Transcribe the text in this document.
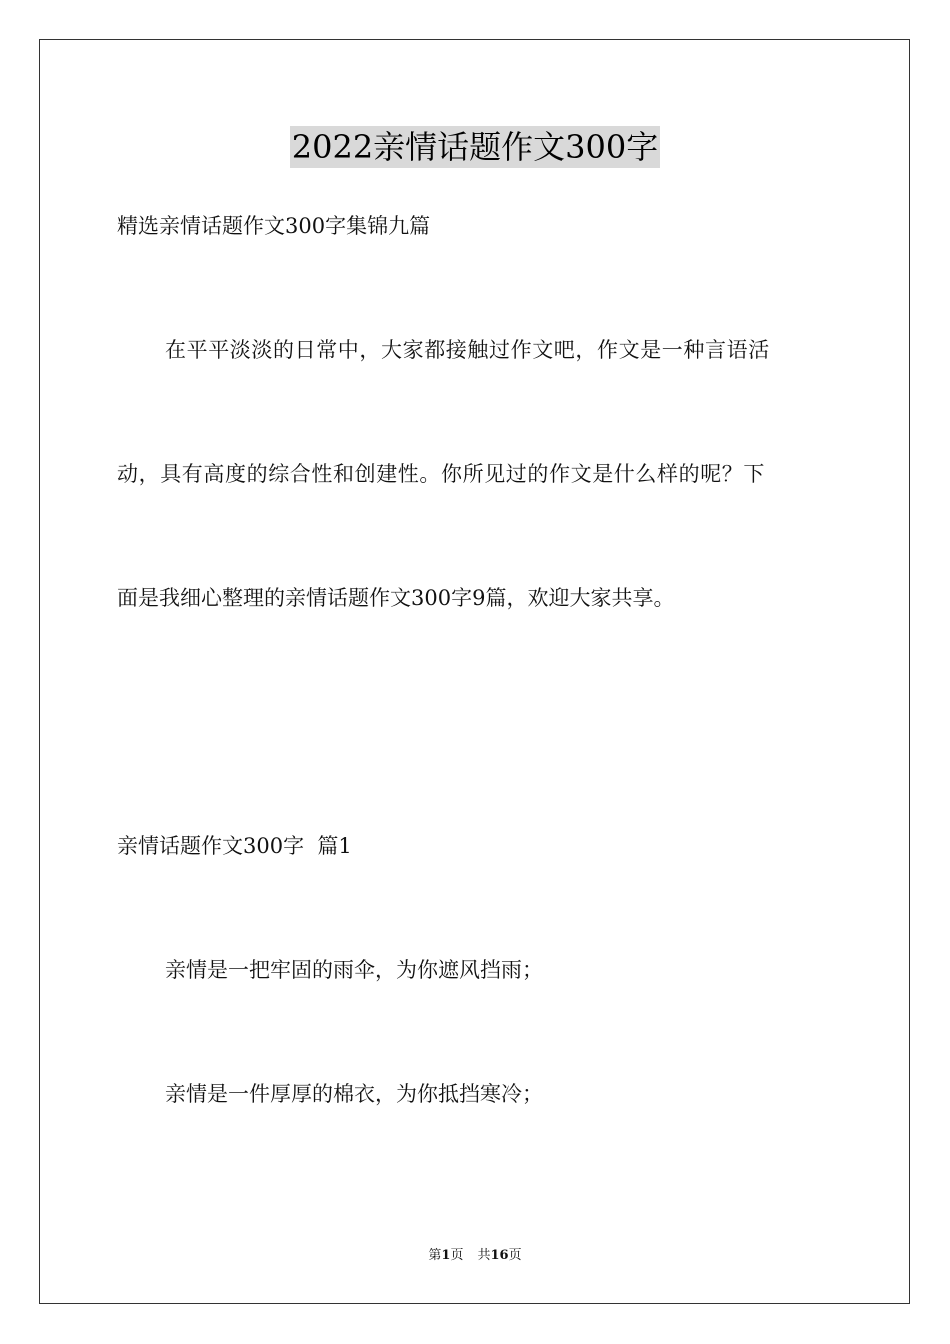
2022亲情话题作文300字
精选亲情话题作文300字集锦九篇
在平平淡淡的日常中，大家都接触过作文吧，作文是一种言语活
动，具有高度的综合性和创建性。你所见过的作文是什么样的呢？下
面是我细心整理的亲情话题作文300字9篇，欢迎大家共享。
亲情话题作文300字  篇1
亲情是一把牢固的雨伞，为你遮风挡雨；
亲情是一件厚厚的棉衣，为你抵挡寒冷；
第1页 共16页
